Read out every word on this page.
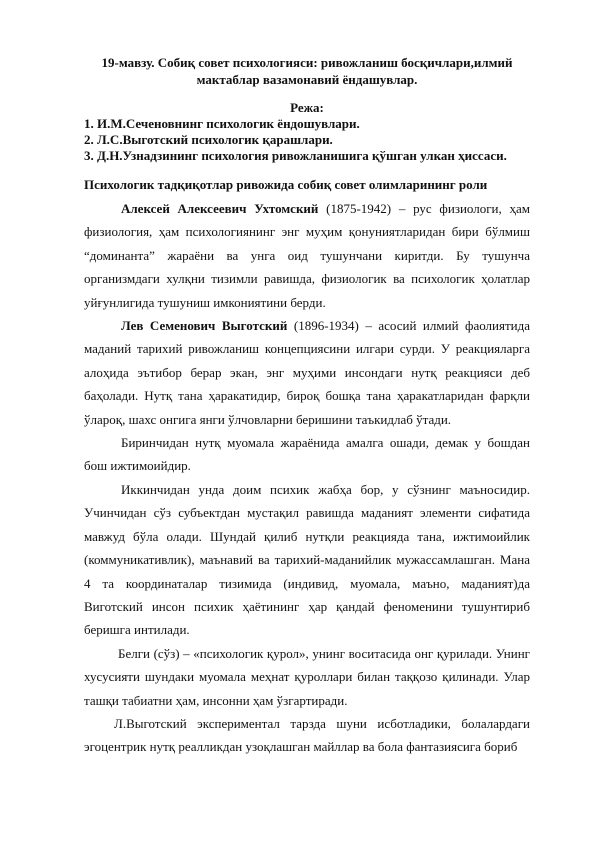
19-мавзу. Собиқ совет психологияси: ривожланиш босқичлари,илмий
мактаблар вазамонавий ёндашувлар.

Режа:
1. И.М.Сеченовнинг психологик ёндошувлари.
2. Л.С.Выготский психологик қарашлари.
3. Д.Н.Узнадзининг психология ривожланишига қўшган улкан ҳиссаси.
Психологик тадқиқотлар ривожида собиқ совет олимларининг роли

Алексей Алексеевич Ухтомский (1875-1942) – рус физиологи, ҳам физиология, ҳам психологиянинг энг муҳим қонуниятларидан бири бўлмиш “доминанта” жараёни ва унга оид тушунчани киритди. Бу тушунча организмдаги хулқни тизимли равишда, физиологик ва психологик ҳолатлар уйғунлигида тушуниш имкониятини берди.

Лев Семенович Выготский (1896-1934) – асосий илмий фаолиятида маданий тарихий ривожланиш концепциясини илгари сурди. У реакцияларга алоҳида эътибор берар экан, энг муҳими инсондаги нутқ реакцияси деб баҳолади. Нутқ тана ҳаракатидир, бироқ бошқа тана ҳаракатларидан фарқли ўлароқ, шахс онгига янги ўлчовларни беришини таъкидлаб ўтади.

Биринчидан нутқ муомала жараёнида амалга ошади, демак у бошдан бош ижтимоийдир.

Иккинчидан унда доим психик жабҳа бор, у сўзнинг маъносидир. Учинчидан сўз субъектдан мустақил равишда маданият элементи сифатида мавжуд бўла олади. Шундай қилиб нутқли реакцияда тана, ижтимоийлик (коммуникативлик), маънавий ва тарихий-маданийлик мужассамлашган. Мана 4 та координаталар тизимида (индивид, муомала, маъно, маданият)да Виготский инсон психик ҳаётининг ҳар қандай феноменини тушунтириб беришга интилади.

Белги (сўз) – «психологик қурол», унинг воситасида онг қурилади. Унинг хусусияти шундаки муомала меҳнат қуроллари билан таққозо қилинади. Улар ташқи табиатни ҳам, инсонни ҳам ўзгартиради.

Л.Выготский экспериментал тарзда шуни исботладики, болалардаги эгоцентрик нутқ реалликдан узоқлашган майллар ва бола фантазиясига бориб
